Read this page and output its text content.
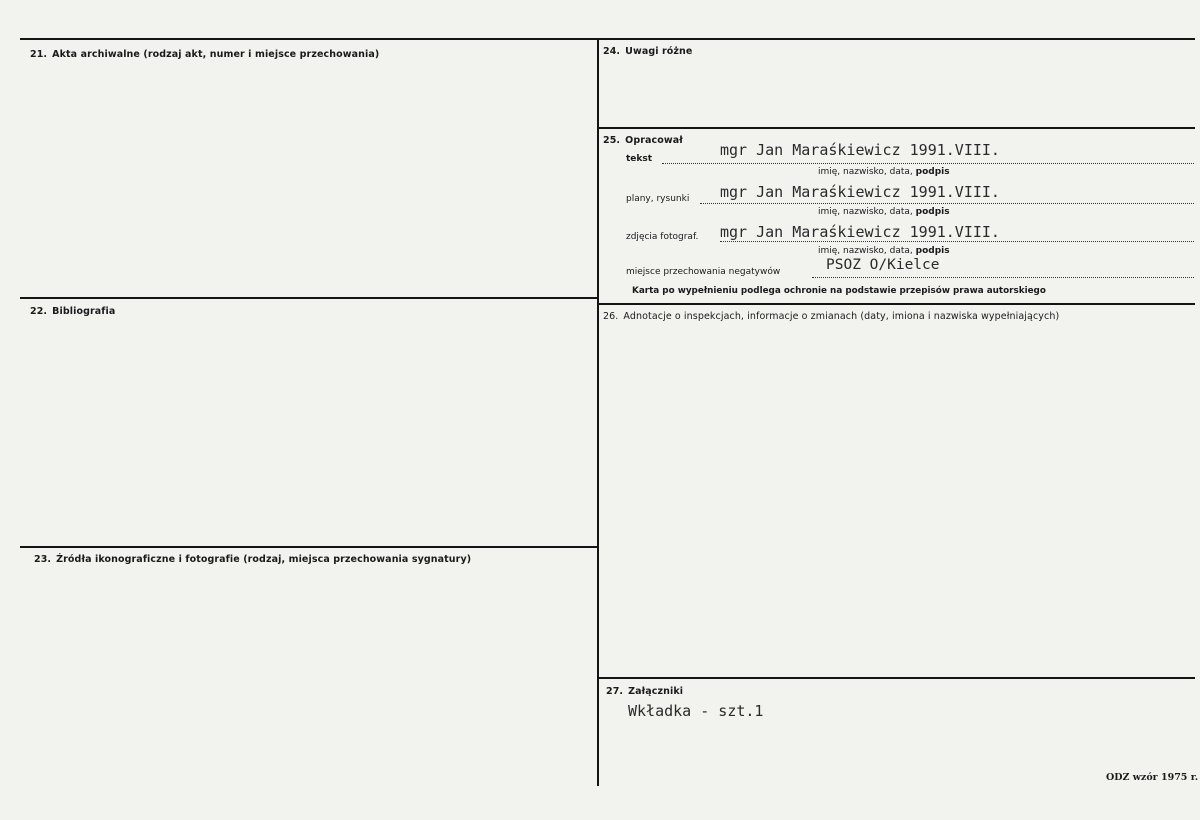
21. Akta archiwalne (rodzaj akt, numer i miejsce przechowania)
22. Bibliografia
23. Źródła ikonograficzne i fotografie (rodzaj, miejsca przechowania sygnatury)
24. Uwagi różne
25. Opracował
tekst	mgr Jan Maraśkiewicz 1991.VIII.
imię, nazwisko, data, podpis
plany, rysunki mgr Jan Maraśkiewicz 1991.VIII.
imię, nazwisko, data, podpis
zdjęcia fotograf. mgr Jan Maraśkiewicz 1991.VIII.
imię, nazwisko, data, podpis
miejsce przechowania negatywów	PSOZ O/Kielce
Karta po wypełnieniu podlega ochronie na podstawie przepisów prawa autorskiego
26. Adnotacje o inspekcjach, informacje o zmianach (daty, imiona i nazwiska wypełniających)
27. Załączniki
Wkładka - szt.1
ODZ wzór 1975 r.
